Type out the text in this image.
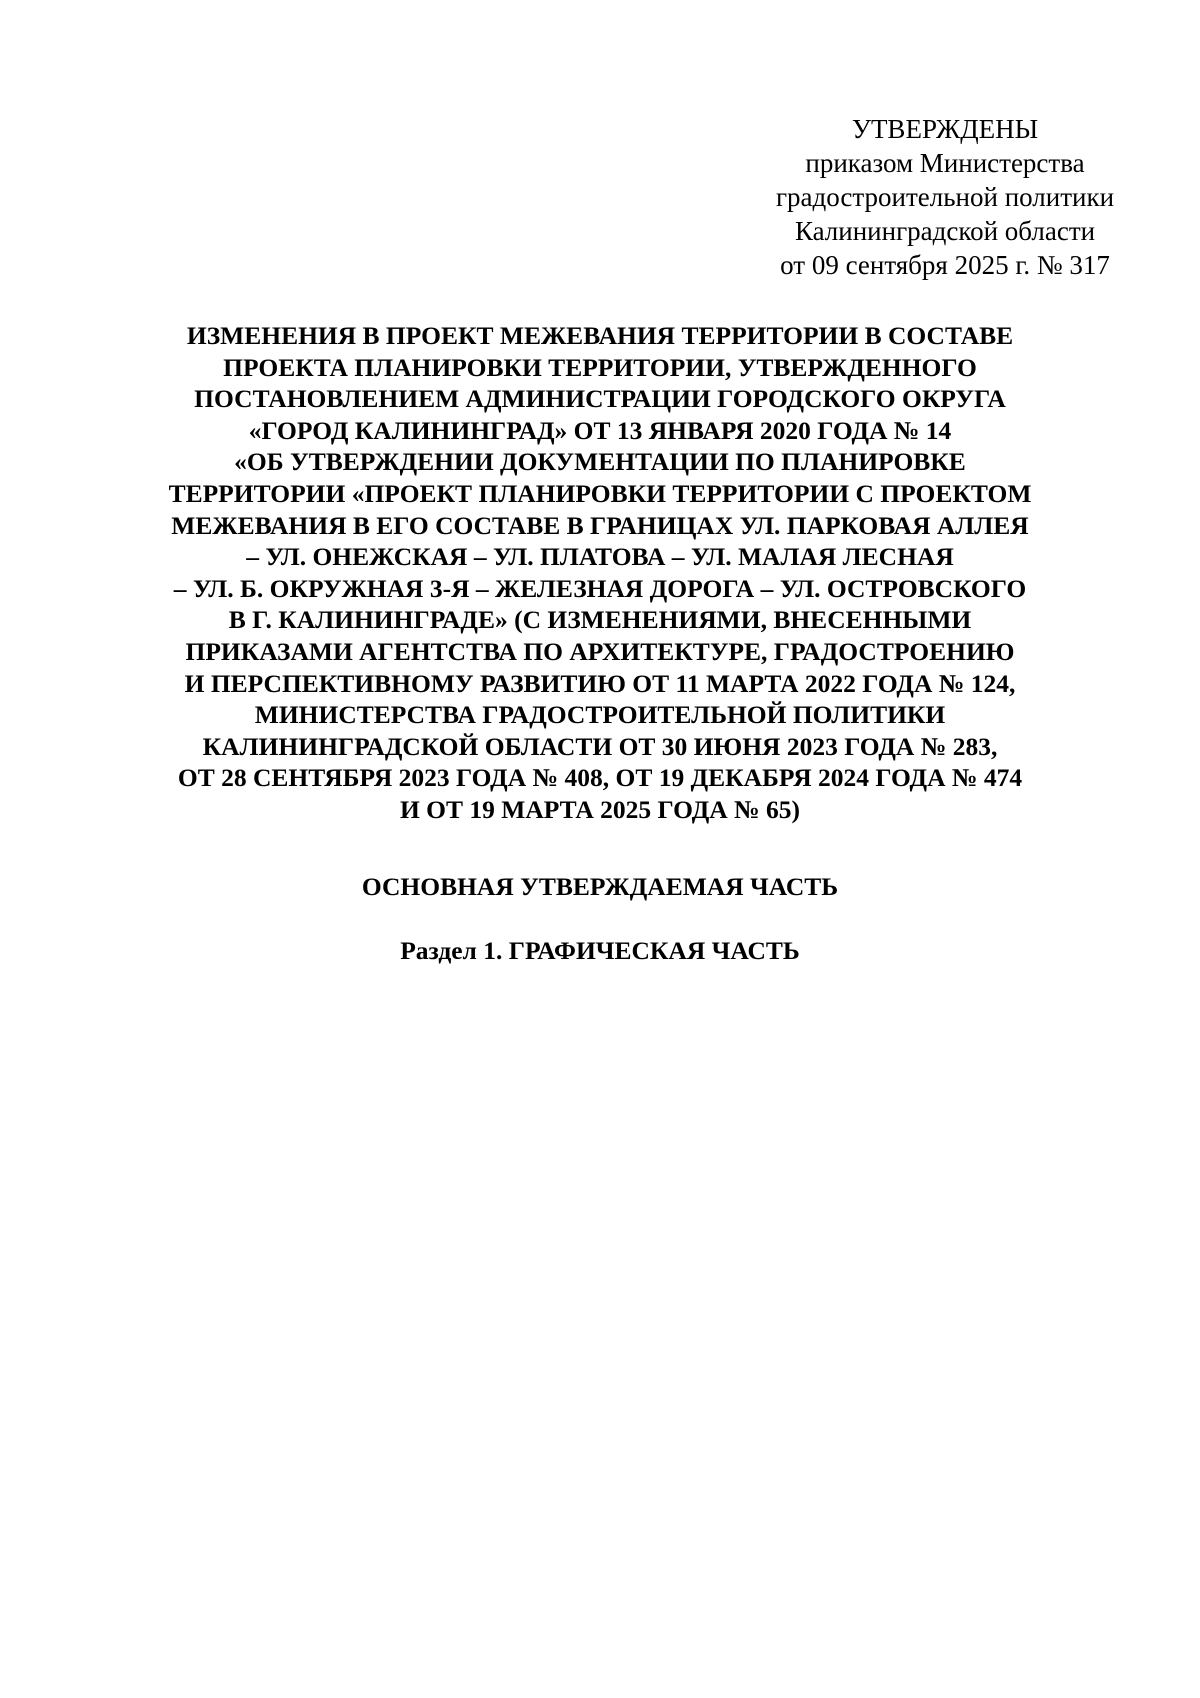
УТВЕРЖДЕНЫ
приказом Министерства
градостроительной политики
Калининградской области
от 09 сентября 2025 г. № 317
ИЗМЕНЕНИЯ В ПРОЕКТ МЕЖЕВАНИЯ ТЕРРИТОРИИ В СОСТАВЕ
ПРОЕКТА ПЛАНИРОВКИ ТЕРРИТОРИИ, УТВЕРЖДЕННОГО
ПОСТАНОВЛЕНИЕМ АДМИНИСТРАЦИИ ГОРОДСКОГО ОКРУГА
«ГОРОД КАЛИНИНГРАД» ОТ 13 ЯНВАРЯ 2020 ГОДА № 14
«ОБ УТВЕРЖДЕНИИ ДОКУМЕНТАЦИИ ПО ПЛАНИРОВКЕ
ТЕРРИТОРИИ «ПРОЕКТ ПЛАНИРОВКИ ТЕРРИТОРИИ С ПРОЕКТОМ
МЕЖЕВАНИЯ В ЕГО СОСТАВЕ В ГРАНИЦАХ УЛ. ПАРКОВАЯ АЛЛЕЯ
– УЛ. ОНЕЖСКАЯ – УЛ. ПЛАТОВА – УЛ. МАЛАЯ ЛЕСНАЯ
– УЛ. Б. ОКРУЖНАЯ 3-Я – ЖЕЛЕЗНАЯ ДОРОГА – УЛ. ОСТРОВСКОГО
В Г. КАЛИНИНГРАДЕ» (С ИЗМЕНЕНИЯМИ, ВНЕСЕННЫМИ
ПРИКАЗАМИ АГЕНТСТВА ПО АРХИТЕКТУРЕ, ГРАДОСТРОЕНИЮ
И ПЕРСПЕКТИВНОМУ РАЗВИТИЮ ОТ 11 МАРТА 2022 ГОДА № 124,
МИНИСТЕРСТВА ГРАДОСТРОИТЕЛЬНОЙ ПОЛИТИКИ
КАЛИНИНГРАДСКОЙ ОБЛАСТИ ОТ 30 ИЮНЯ 2023 ГОДА № 283,
ОТ 28 СЕНТЯБРЯ 2023 ГОДА № 408, ОТ 19 ДЕКАБРЯ 2024 ГОДА № 474
И ОТ 19 МАРТА 2025 ГОДА № 65)
ОСНОВНАЯ УТВЕРЖДАЕМАЯ ЧАСТЬ
Раздел 1. ГРАФИЧЕСКАЯ ЧАСТЬ
